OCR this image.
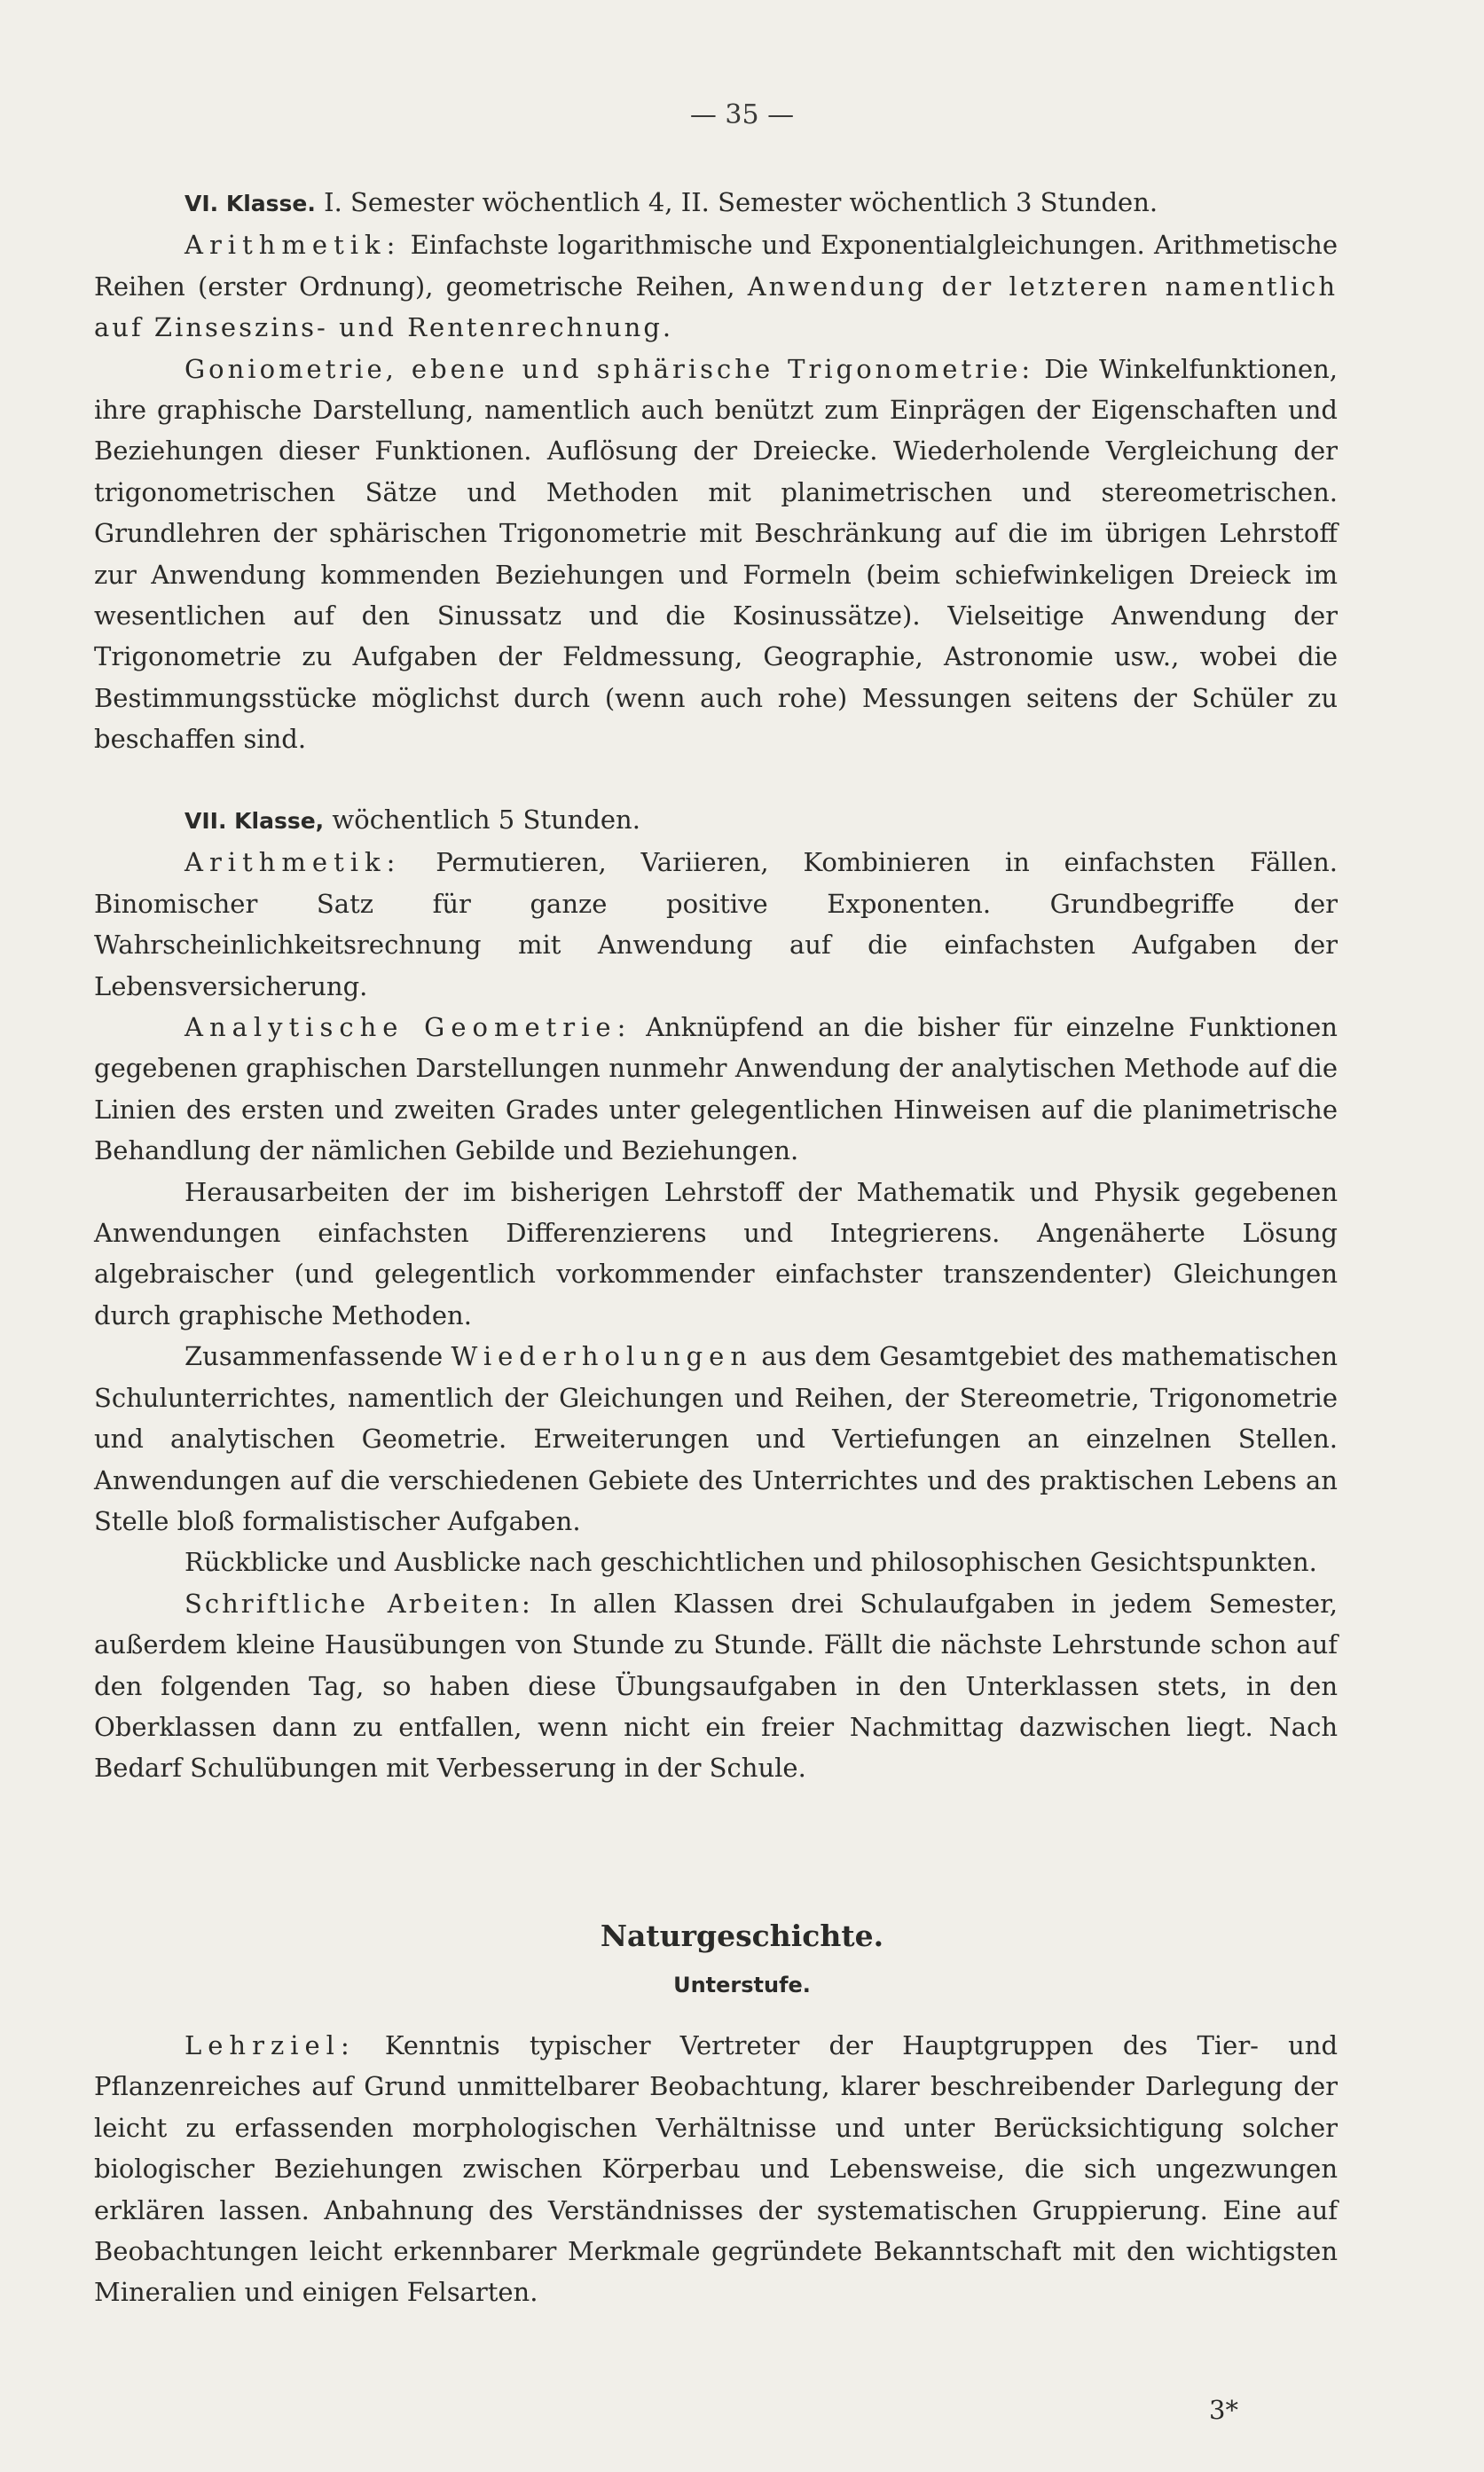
— 35 —

VI. Klasse. I. Semester wöchentlich 4, II. Semester wöchentlich 3 Stunden.

Arithmetik: Einfachste logarithmische und Exponentialgleichungen. Arithmetische Reihen (erster Ordnung), geometrische Reihen, Anwendung der letzteren namentlich auf Zinseszins- und Rentenrechnung.

Goniometrie, ebene und sphärische Trigonometrie: Die Winkelfunktionen, ihre graphische Darstellung, namentlich auch benützt zum Einprägen der Eigenschaften und Beziehungen dieser Funktionen. Auflösung der Dreiecke. Wiederholende Vergleichung der trigonometrischen Sätze und Methoden mit planimetrischen und stereometrischen. Grundlehren der sphärischen Trigonometrie mit Beschränkung auf die im übrigen Lehrstoff zur Anwendung kommenden Beziehungen und Formeln (beim schiefwinkeligen Dreieck im wesentlichen auf den Sinussatz und die Kosinussätze). Vielseitige Anwendung der Trigonometrie zu Aufgaben der Feldmessung, Geographie, Astronomie usw., wobei die Bestimmungsstücke möglichst durch (wenn auch rohe) Messungen seitens der Schüler zu beschaffen sind.

VII. Klasse, wöchentlich 5 Stunden.

Arithmetik: Permutieren, Variieren, Kombinieren in einfachsten Fällen. Binomischer Satz für ganze positive Exponenten. Grundbegriffe der Wahrscheinlichkeitsrechnung mit Anwendung auf die einfachsten Aufgaben der Lebensversicherung.

Analytische Geometrie: Anknüpfend an die bisher für einzelne Funktionen gegebenen graphischen Darstellungen nunmehr Anwendung der analytischen Methode auf die Linien des ersten und zweiten Grades unter gelegentlichen Hinweisen auf die planimetrische Behandlung der nämlichen Gebilde und Beziehungen.

Herausarbeiten der im bisherigen Lehrstoff der Mathematik und Physik gegebenen Anwendungen einfachsten Differenzierens und Integrierens. Angenäherte Lösung algebraischer (und gelegentlich vorkommender einfachster transzendenter) Gleichungen durch graphische Methoden.

Zusammenfassende Wiederholungen aus dem Gesamtgebiet des mathematischen Schulunterrichtes, namentlich der Gleichungen und Reihen, der Stereometrie, Trigonometrie und analytischen Geometrie. Erweiterungen und Vertiefungen an einzelnen Stellen. Anwendungen auf die verschiedenen Gebiete des Unterrichtes und des praktischen Lebens an Stelle bloß formalistischer Aufgaben.

Rückblicke und Ausblicke nach geschichtlichen und philosophischen Gesichtspunkten.

Schriftliche Arbeiten: In allen Klassen drei Schulaufgaben in jedem Semester, außerdem kleine Hausübungen von Stunde zu Stunde. Fällt die nächste Lehrstunde schon auf den folgenden Tag, so haben diese Übungsaufgaben in den Unterklassen stets, in den Oberklassen dann zu entfallen, wenn nicht ein freier Nachmittag dazwischen liegt. Nach Bedarf Schulübungen mit Verbesserung in der Schule.

Naturgeschichte.
Unterstufe.

Lehrziel: Kenntnis typischer Vertreter der Hauptgruppen des Tier- und Pflanzenreiches auf Grund unmittelbarer Beobachtung, klarer beschreibender Darlegung der leicht zu erfassenden morphologischen Verhältnisse und unter Berücksichtigung solcher biologischer Beziehungen zwischen Körperbau und Lebensweise, die sich ungezwungen erklären lassen. Anbahnung des Verständnisses der systematischen Gruppierung. Eine auf Beobachtungen leicht erkennbarer Merkmale gegründete Bekanntschaft mit den wichtigsten Mineralien und einigen Felsarten.

3*
